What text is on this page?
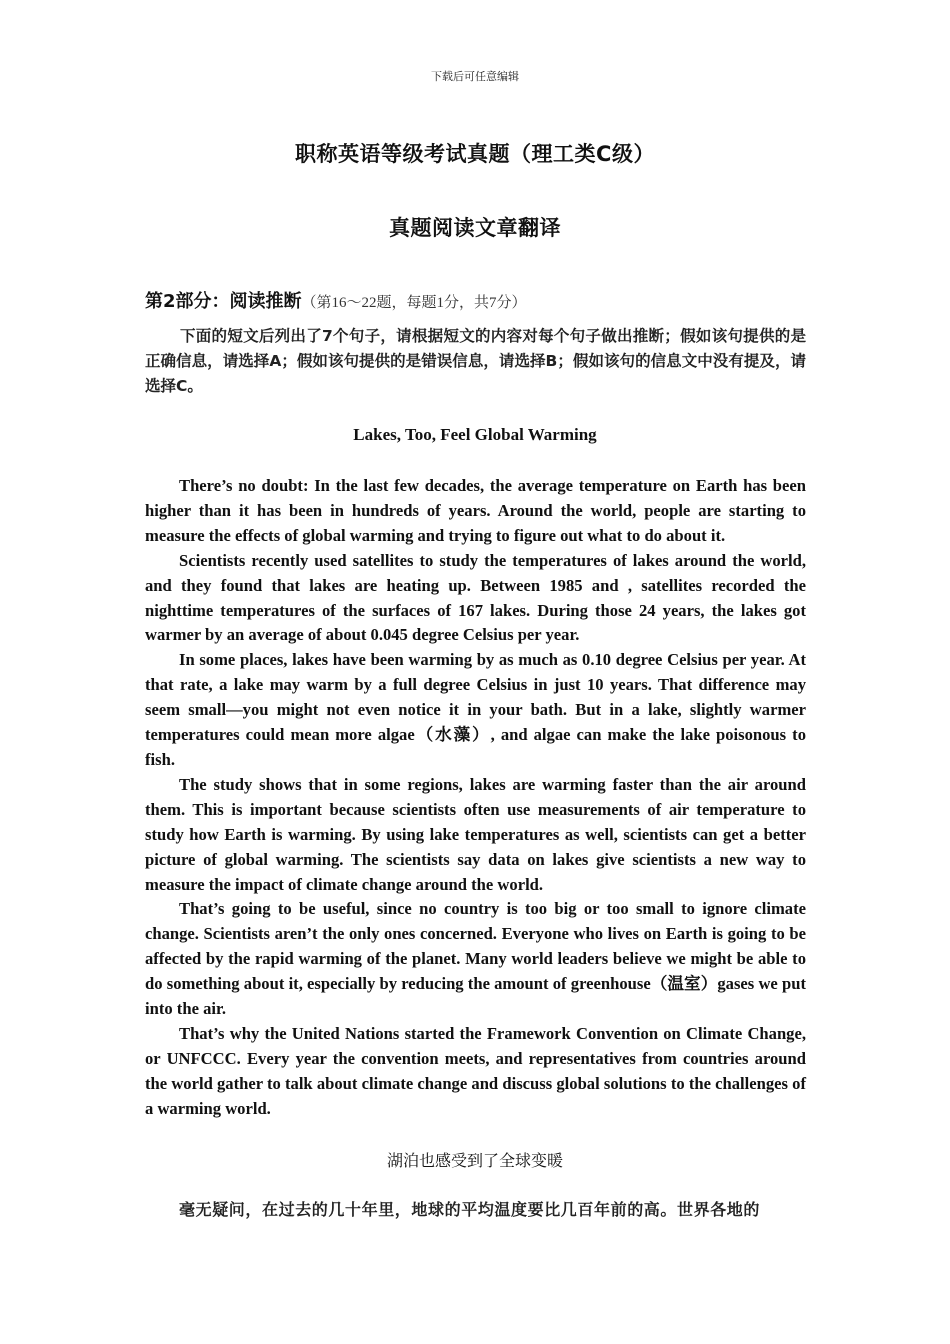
下载后可任意编辑
职称英语等级考试真题（理工类C级）
真题阅读文章翻译
第2部分：阅读推断（第16～22题，每题1分，共7分）
下面的短文后列出了7个句子，请根据短文的内容对每个句子做出推断；假如该句提供的是正确信息，请选择A；假如该句提供的是错误信息，请选择B；假如该句的信息文中没有提及，请选择C。
Lakes, Too, Feel Global Warming

There’s no doubt: In the last few decades, the average temperature on Earth has been higher than it has been in hundreds of years. Around the world, people are starting to measure the effects of global warming and trying to figure out what to do about it.

Scientists recently used satellites to study the temperatures of lakes around the world, and they found that lakes are heating up. Between 1985 and , satellites recorded the nighttime temperatures of the surfaces of 167 lakes. During those 24 years, the lakes got warmer by an average of about 0.045 degree Celsius per year.

In some places, lakes have been warming by as much as 0.10 degree Celsius per year. At that rate, a lake may warm by a full degree Celsius in just 10 years. That difference may seem small—you might not even notice it in your bath. But in a lake, slightly warmer temperatures could mean more algae（水藻）, and algae can make the lake poisonous to fish.

The study shows that in some regions, lakes are warming faster than the air around them. This is important because scientists often use measurements of air temperature to study how Earth is warming. By using lake temperatures as well, scientists can get a better picture of global warming. The scientists say data on lakes give scientists a new way to measure the impact of climate change around the world.

That’s going to be useful, since no country is too big or too small to ignore climate change. Scientists aren’t the only ones concerned. Everyone who lives on Earth is going to be affected by the rapid warming of the planet. Many world leaders believe we might be able to do something about it, especially by reducing the amount of greenhouse（温室）gases we put into the air.

That’s why the United Nations started the Framework Convention on Climate Change, or UNFCCC. Every year the convention meets, and representatives from countries around the world gather to talk about climate change and discuss global solutions to the challenges of a warming world.

湖泊也感受到了全球变暖
毫无疑问，在过去的几十年里，地球的平均温度要比几百年前的高。世界各地的
